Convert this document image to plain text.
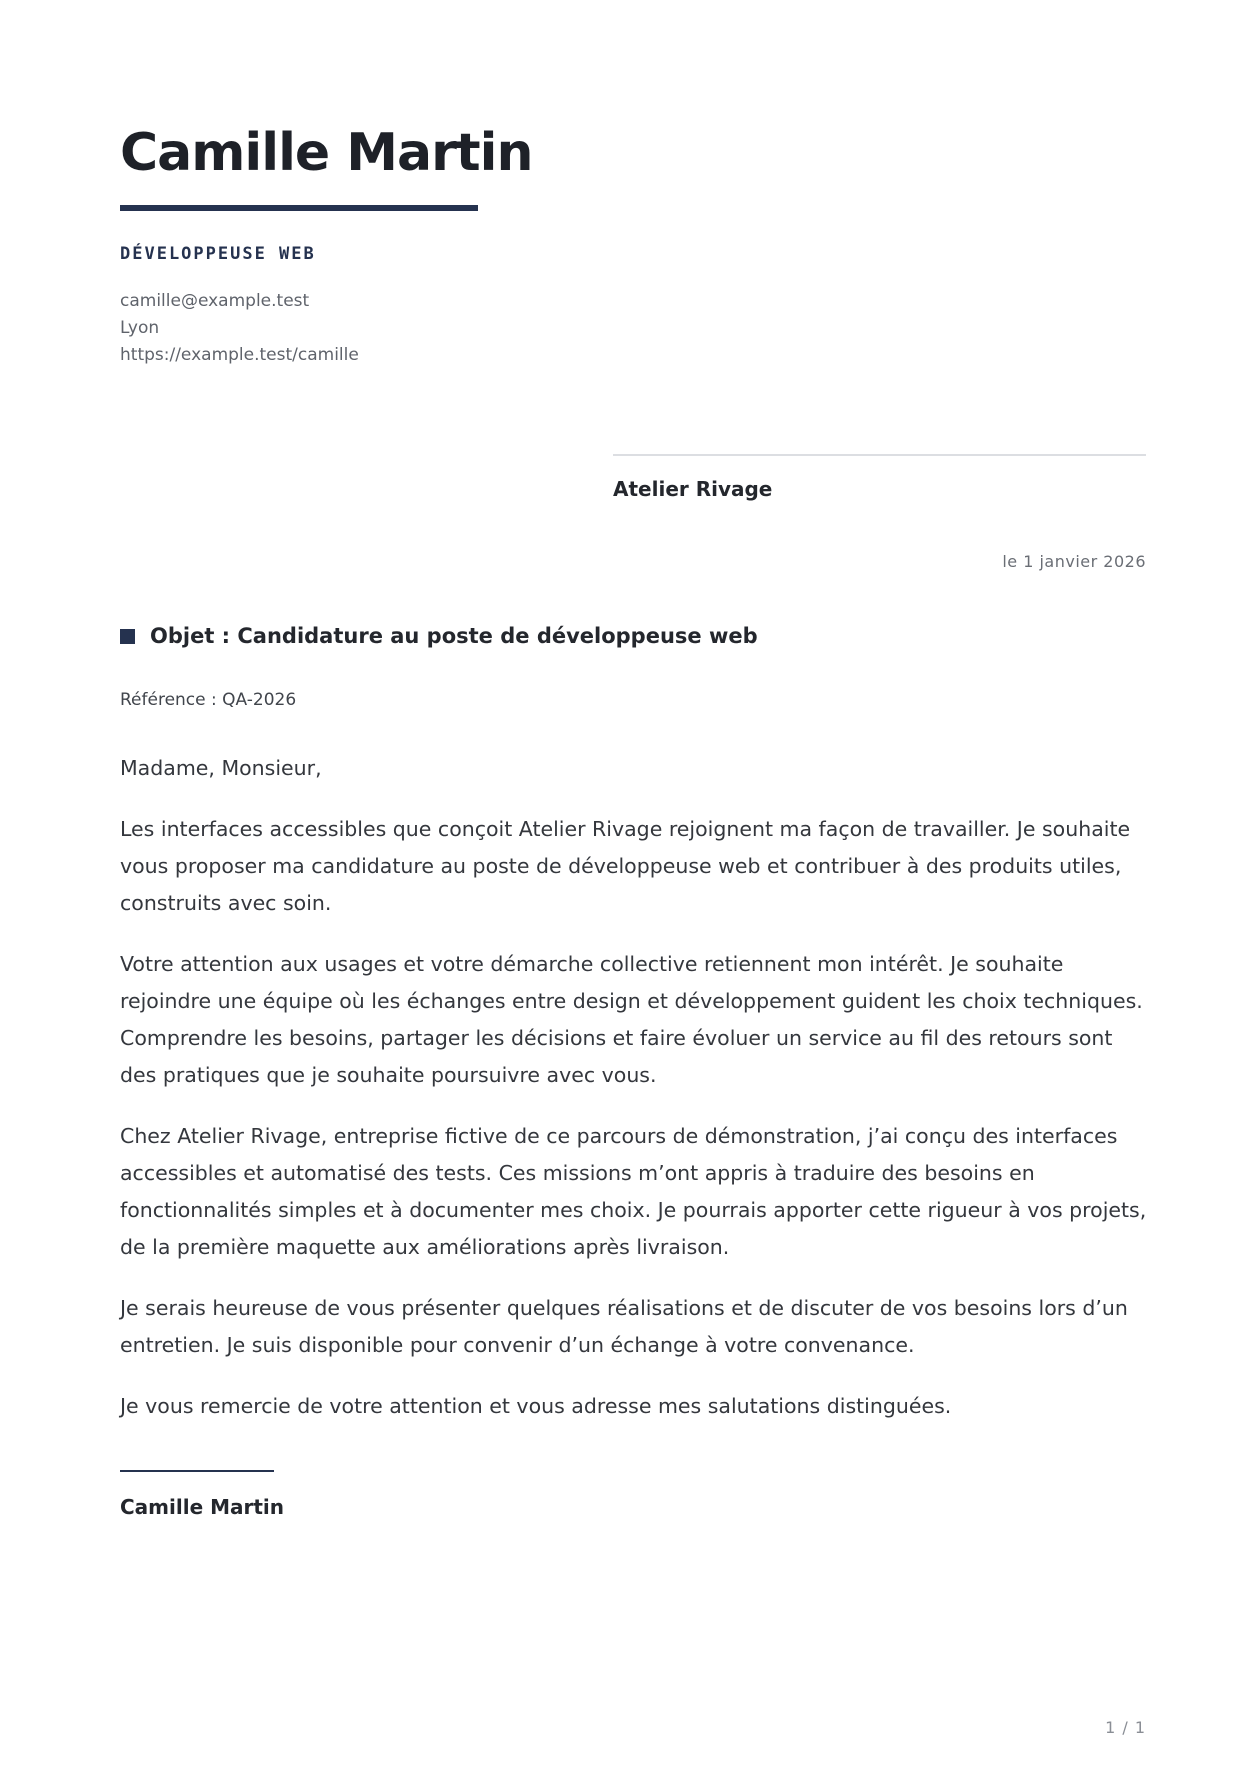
Camille Martin
DÉVELOPPEUSE WEB
camille@example.test
Lyon
https://example.test/camille
Atelier Rivage
le 1 janvier 2026
Objet : Candidature au poste de développeuse web
Référence : QA-2026

Madame, Monsieur,

Les interfaces accessibles que conçoit Atelier Rivage rejoignent ma façon de travailler. Je souhaite vous proposer ma candidature au poste de développeuse web et contribuer à des produits utiles, construits avec soin.

Votre attention aux usages et votre démarche collective retiennent mon intérêt. Je souhaite rejoindre une équipe où les échanges entre design et développement guident les choix techniques. Comprendre les besoins, partager les décisions et faire évoluer un service au fil des retours sont des pratiques que je souhaite poursuivre avec vous.

Chez Atelier Rivage, entreprise fictive de ce parcours de démonstration, j’ai conçu des interfaces accessibles et automatisé des tests. Ces missions m’ont appris à traduire des besoins en fonctionnalités simples et à documenter mes choix. Je pourrais apporter cette rigueur à vos projets, de la première maquette aux améliorations après livraison.

Je serais heureuse de vous présenter quelques réalisations et de discuter de vos besoins lors d’un entretien. Je suis disponible pour convenir d’un échange à votre convenance.

Je vous remercie de votre attention et vous adresse mes salutations distinguées.

Camille Martin
1 / 1
